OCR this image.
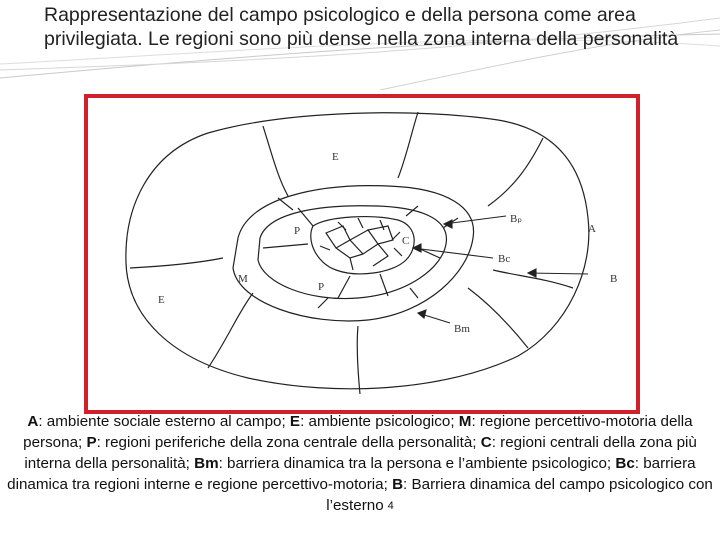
Rappresentazione del campo psicologico e della persona come area privilegiata. Le regioni sono più dense nella zona interna della personalità
E
E
A
B
Bₚ
Bc
Bm
P
P
C
M
A: ambiente sociale esterno al campo; E: ambiente psicologico; M: regione percettivo-motoria della persona; P: regioni periferiche della zona centrale della personalità; C: regioni centrali della zona più interna della personalità; Bm: barriera dinamica tra la persona e l’ambiente psicologico; Bc: barriera dinamica tra regioni interne e regione percettivo-motoria; B: Barriera dinamica del campo psicologico con l’esterno $^4$
